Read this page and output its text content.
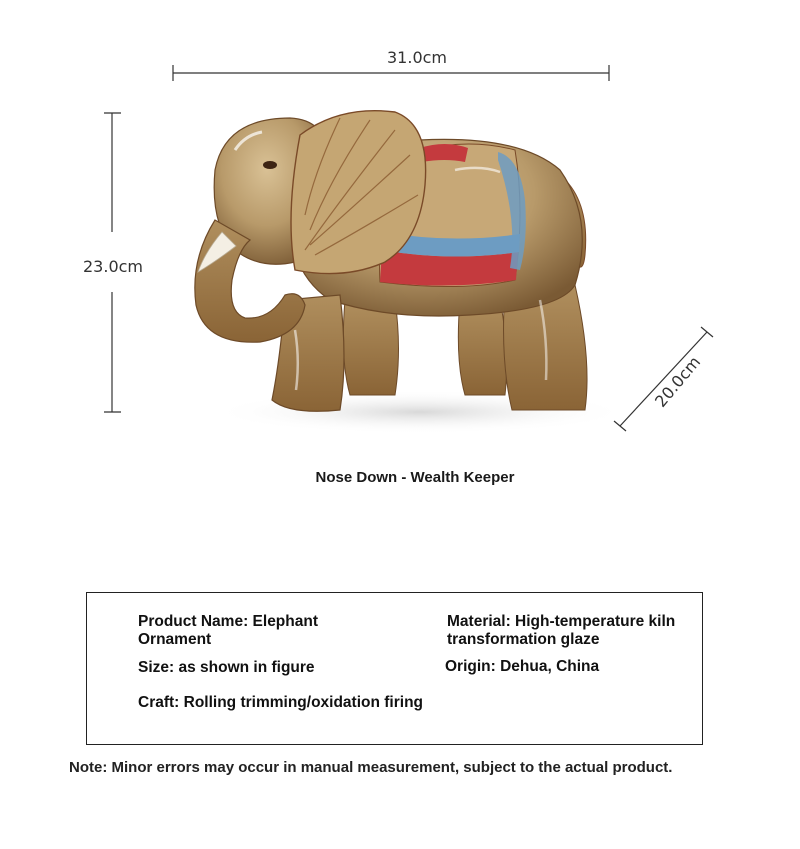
31.0cm
23.0cm
20.0cm
Nose Down - Wealth Keeper
Product Name: Elephant Ornament
Material: High-temperature kiln transformation glaze
Size: as shown in figure	Origin: Dehua, China
Craft: Rolling trimming/oxidation firing
Note: Minor errors may occur in manual measurement, subject to the actual product.
